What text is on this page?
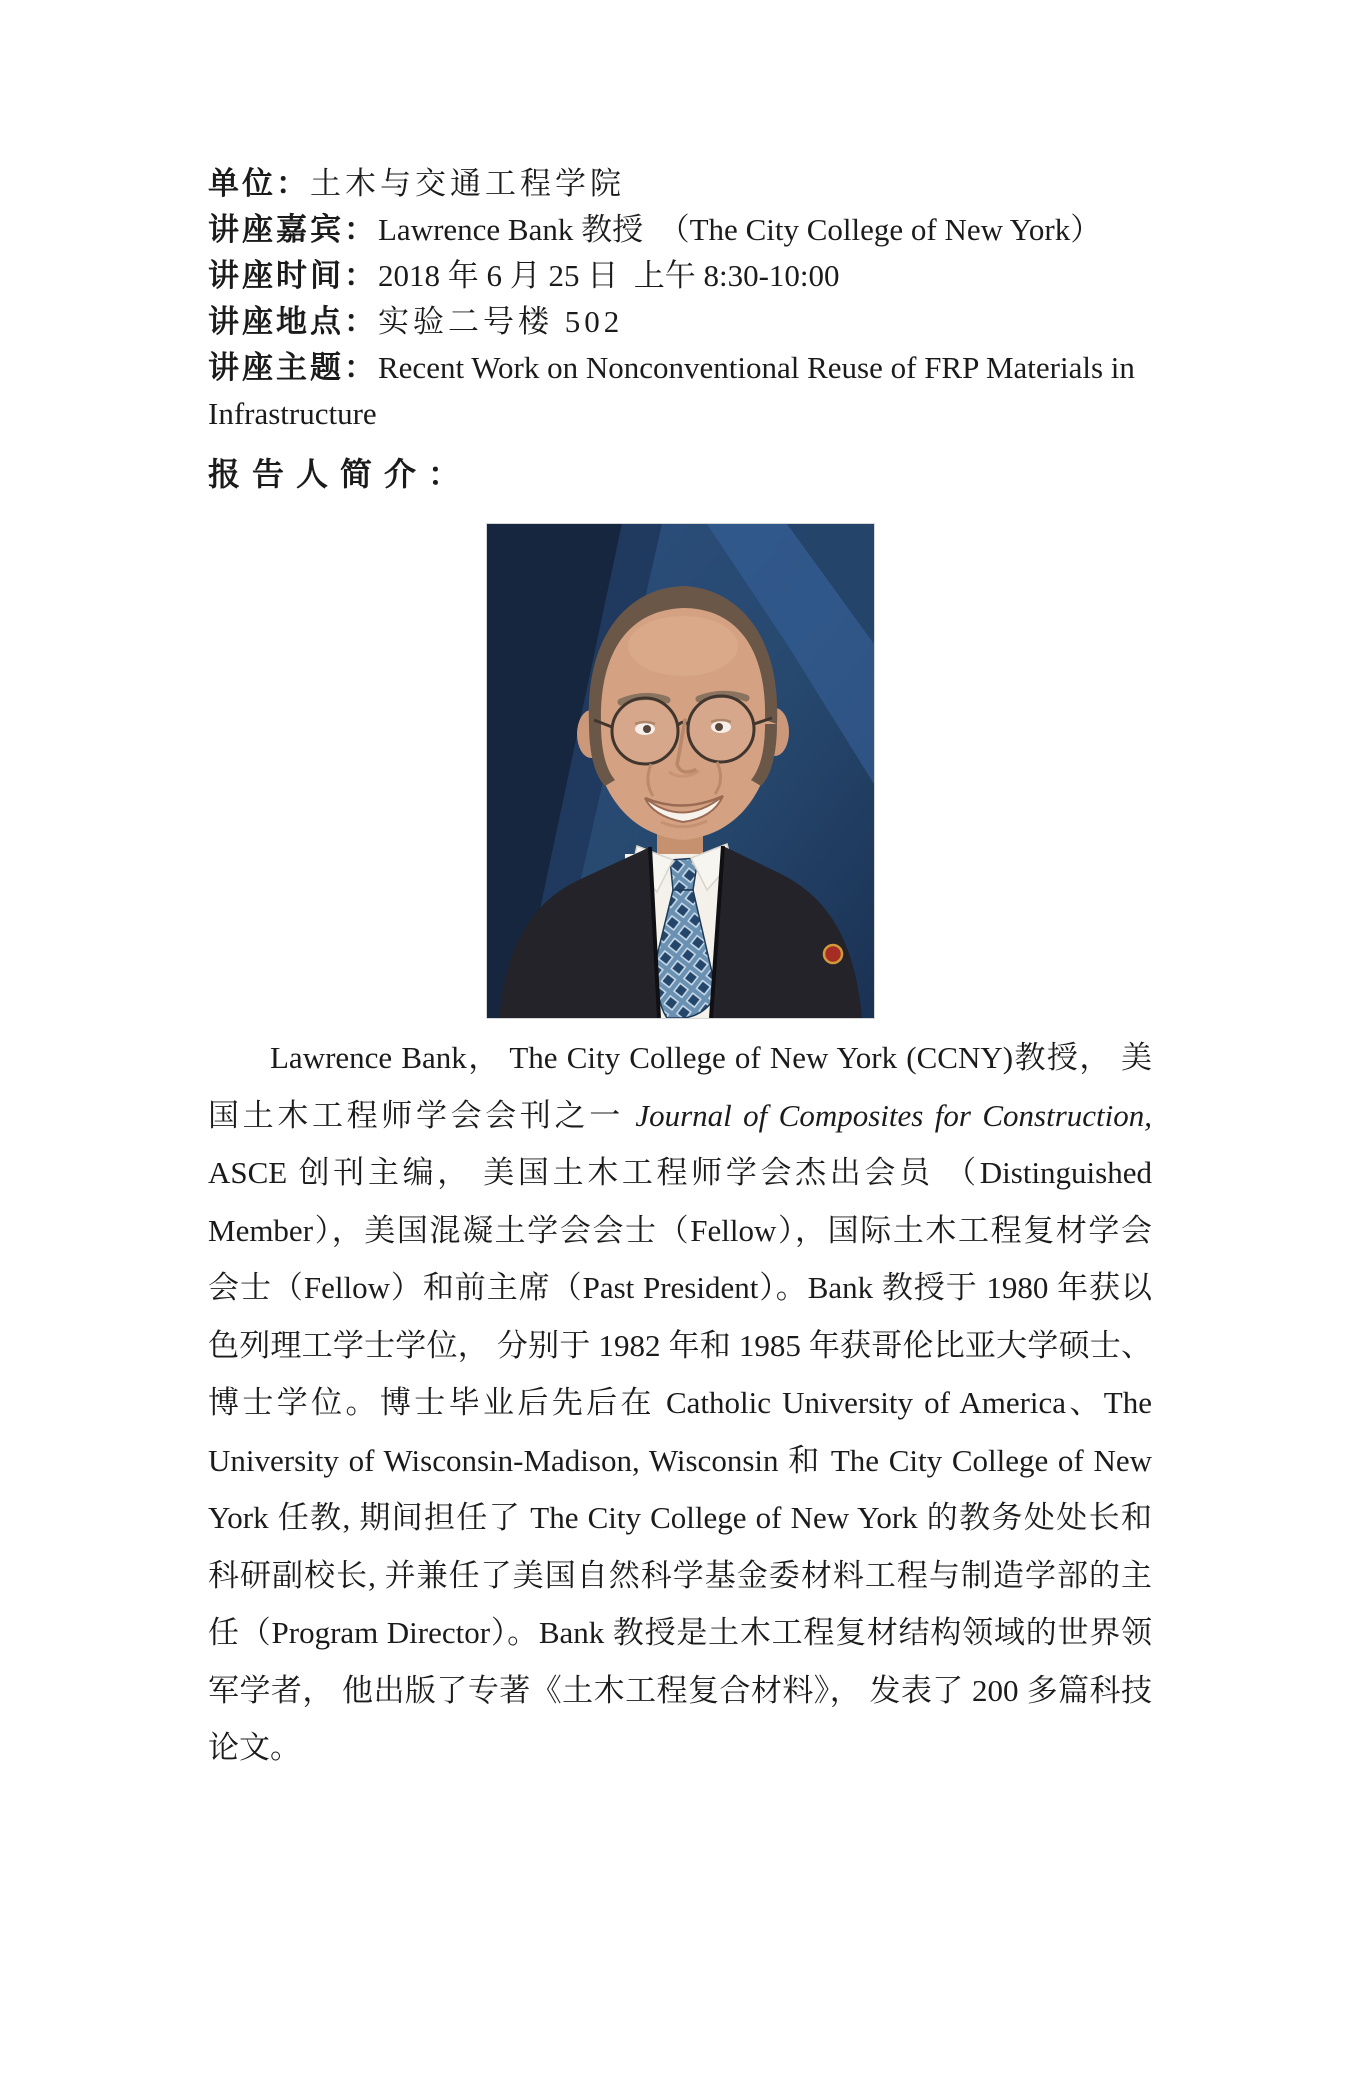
单位：土木与交通工程学院

讲座嘉宾：Lawrence Bank 教授  （The City College of New York）

讲座时间：2018 年 6 月 25 日  上午 8:30-10:00

讲座地点：实验二号楼 502

讲座主题：Recent Work on Nonconventional Reuse of FRP Materials in

Infrastructure

报告人简介：
Lawrence Bank， The City College of New York (CCNY)教授， 美
国土木工程师学会会刊之一 Journal of Composites for Construction,
ASCE 创刊主编， 美国土木工程师学会杰出会员 （Distinguished
Member），美国混凝土学会会士（Fellow），国际土木工程复材学会
会士（Fellow）和前主席（Past President）。Bank 教授于 1980 年获以
色列理工学士学位， 分别于 1982 年和 1985 年获哥伦比亚大学硕士、
博士学位。博士毕业后先后在 Catholic University of America、The
University of Wisconsin-Madison, Wisconsin 和 The City College of New
York 任教, 期间担任了 The City College of New York 的教务处处长和
科研副校长, 并兼任了美国自然科学基金委材料工程与制造学部的主
任（Program Director）。Bank 教授是土木工程复材结构领域的世界领
军学者， 他出版了专著《土木工程复合材料》， 发表了 200 多篇科技
论文。
